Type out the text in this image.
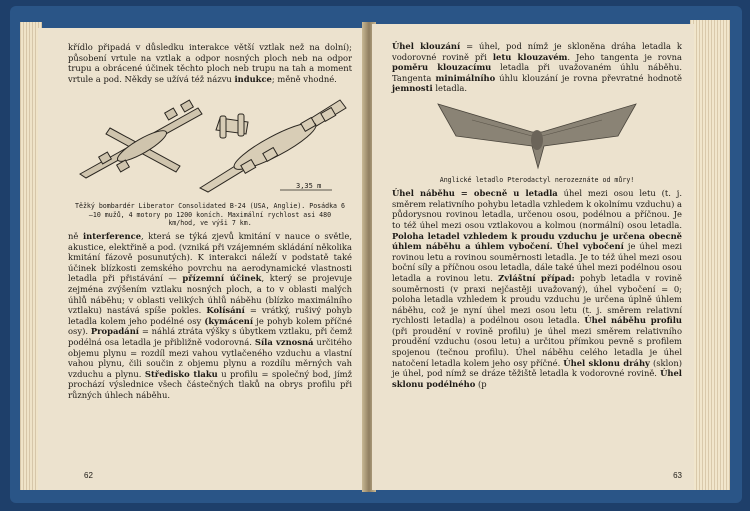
křídlo připadá v důsledku interakce větší vztlak než na dolní); působení vrtule na vztlak a odpor nosných ploch neb na odpor trupu a obrácené účinek těchto ploch neb trupu na tah a moment vrtule a pod. Někdy se užívá též názvu indukce; měně vhodné.

3,35 m

Těžký bombardér Liberator Consolidated B-24 (USA, Anglie). Posádka 6—10 mužů, 4 motory po 1200 koních. Maximální rychlost asi 480 km/hod, ve výši 7 km.

ně interference, která se týká zjevů kmitání v nauce o světle, akustice, elektřině a pod. (vzniká při vzájemném skládání několika kmitání fázově posunutých). K interakci náleží v podstatě také účinek blízkosti zemského povrchu na aerodynamické vlastnosti letadla při přistávání — přízemní účinek, který se projevuje zejména zvýšením vztlaku nosných ploch, a to v oblasti malých úhlů náběhu; v oblasti velikých úhlů náběhu (blízko maximálního vztlaku) nastává spíše pokles. Kolísání = vrátký, rušivý pohyb letadla kolem jeho podélné osy (kymácení je pohyb kolem příčné osy). Propadání = náhlá ztráta výšky s úbytkem vztlaku, při čemž podélná osa letadla je přibližně vodorovná. Síla vznosná určitého objemu plynu = rozdíl mezi vahou vytlačeného vzduchu a vlastní vahou plynu, čili součin z objemu plynu a rozdílu měrných vah vzduchu a plynu. Středisko tlaku u profilu = společný bod, jímž prochází výslednice všech částečných tlaků na obrys profilu při různých úhlech náběhu.

62

Úhel klouzání = úhel, pod nímž je skloněna dráha letadla k vodorovné rovině při letu klouzavém. Jeho tangenta je rovna poměru klouzacímu letadla při uvažovaném úhlu náběhu. Tangenta minimálního úhlu klouzání je rovna převratné hodnotě jemnosti letadla.

Anglické letadlo Pterodactyl nerozeznáte od můry!

Úhel náběhu = obecně u letadla úhel mezi osou letu (t. j. směrem relativního pohybu letadla vzhledem k okolnímu vzduchu) a půdorysnou rovinou letadla, určenou osou, podélnou a příčnou. Je to též úhel mezi osou vztlakovou a kolmou (normální) osou letadla. Poloha letadel vzhledem k proudu vzduchu je určena obecně úhlem náběhu a úhlem vybočení. Úhel vybočení je úhel mezi rovinou letu a rovinou souměrnosti letadla. Je to též úhel mezi osou boční síly a příčnou osou letadla, dále také úhel mezi podélnou osou letadla a rovinou letu. Zvláštní případ: pohyb letadla v rovině souměrnosti (v praxi nejčastěji uvažovaný), úhel vybočení = 0; poloha letadla vzhledem k proudu vzduchu je určena úplně úhlem náběhu, což je nyní úhel mezi osou letu (t. j. směrem relativní rychlosti letadla) a podélnou osou letadla. Úhel náběhu profilu (při proudění v rovině profilu) je úhel mezi směrem relativního proudění vzduchu (osou letu) a určitou přímkou pevně s profilem spojenou (tečnou profilu). Úhel náběhu celého letadla je úhel natočení letadla kolem jeho osy příčné. Úhel sklonu dráhy (sklon) je úhel, pod nímž se dráze těžiště letadla k vodorovné rovině. Úhel sklonu podélného (p

63
